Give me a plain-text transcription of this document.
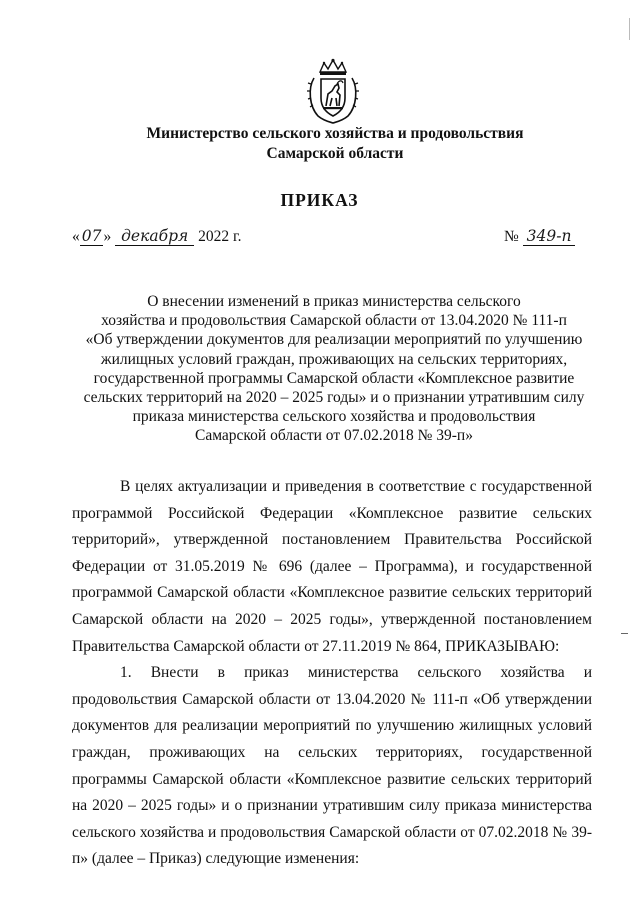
Министерство сельского хозяйства и продовольствия
Самарской области
ПРИКАЗ
« 07 » декабря 2022 г.	№ 349-п
О внесении изменений в приказ министерства сельского
хозяйства и продовольствия Самарской области от 13.04.2020 № 111-п
«Об утверждении документов для реализации мероприятий по улучшению
жилищных условий граждан, проживающих на сельских территориях,
государственной программы Самарской области «Комплексное развитие
сельских территорий на 2020 – 2025 годы» и о признании утратившим силу
приказа министерства сельского хозяйства и продовольствия
Самарской области от 07.02.2018 № 39-п»

В целях актуализации и приведения в соответствие с государственной программой Российской Федерации «Комплексное развитие сельских территорий», утвержденной постановлением Правительства Российской Федерации от 31.05.2019 № 696 (далее – Программа), и государственной программой Самарской области «Комплексное развитие сельских территорий Самарской области на 2020 – 2025 годы», утвержденной постановлением Правительства Самарской области от 27.11.2019 № 864, ПРИКАЗЫВАЮ:

1. Внести в приказ министерства сельского хозяйства и продовольствия Самарской области от 13.04.2020 № 111-п «Об утверждении документов для реализации мероприятий по улучшению жилищных условий граждан, проживающих на сельских территориях, государственной программы Самарской области «Комплексное развитие сельских территорий на 2020 – 2025 годы» и о признании утратившим силу приказа министерства сельского хозяйства и продовольствия Самарской области от 07.02.2018 № 39-п» (далее – Приказ) следующие изменения:
